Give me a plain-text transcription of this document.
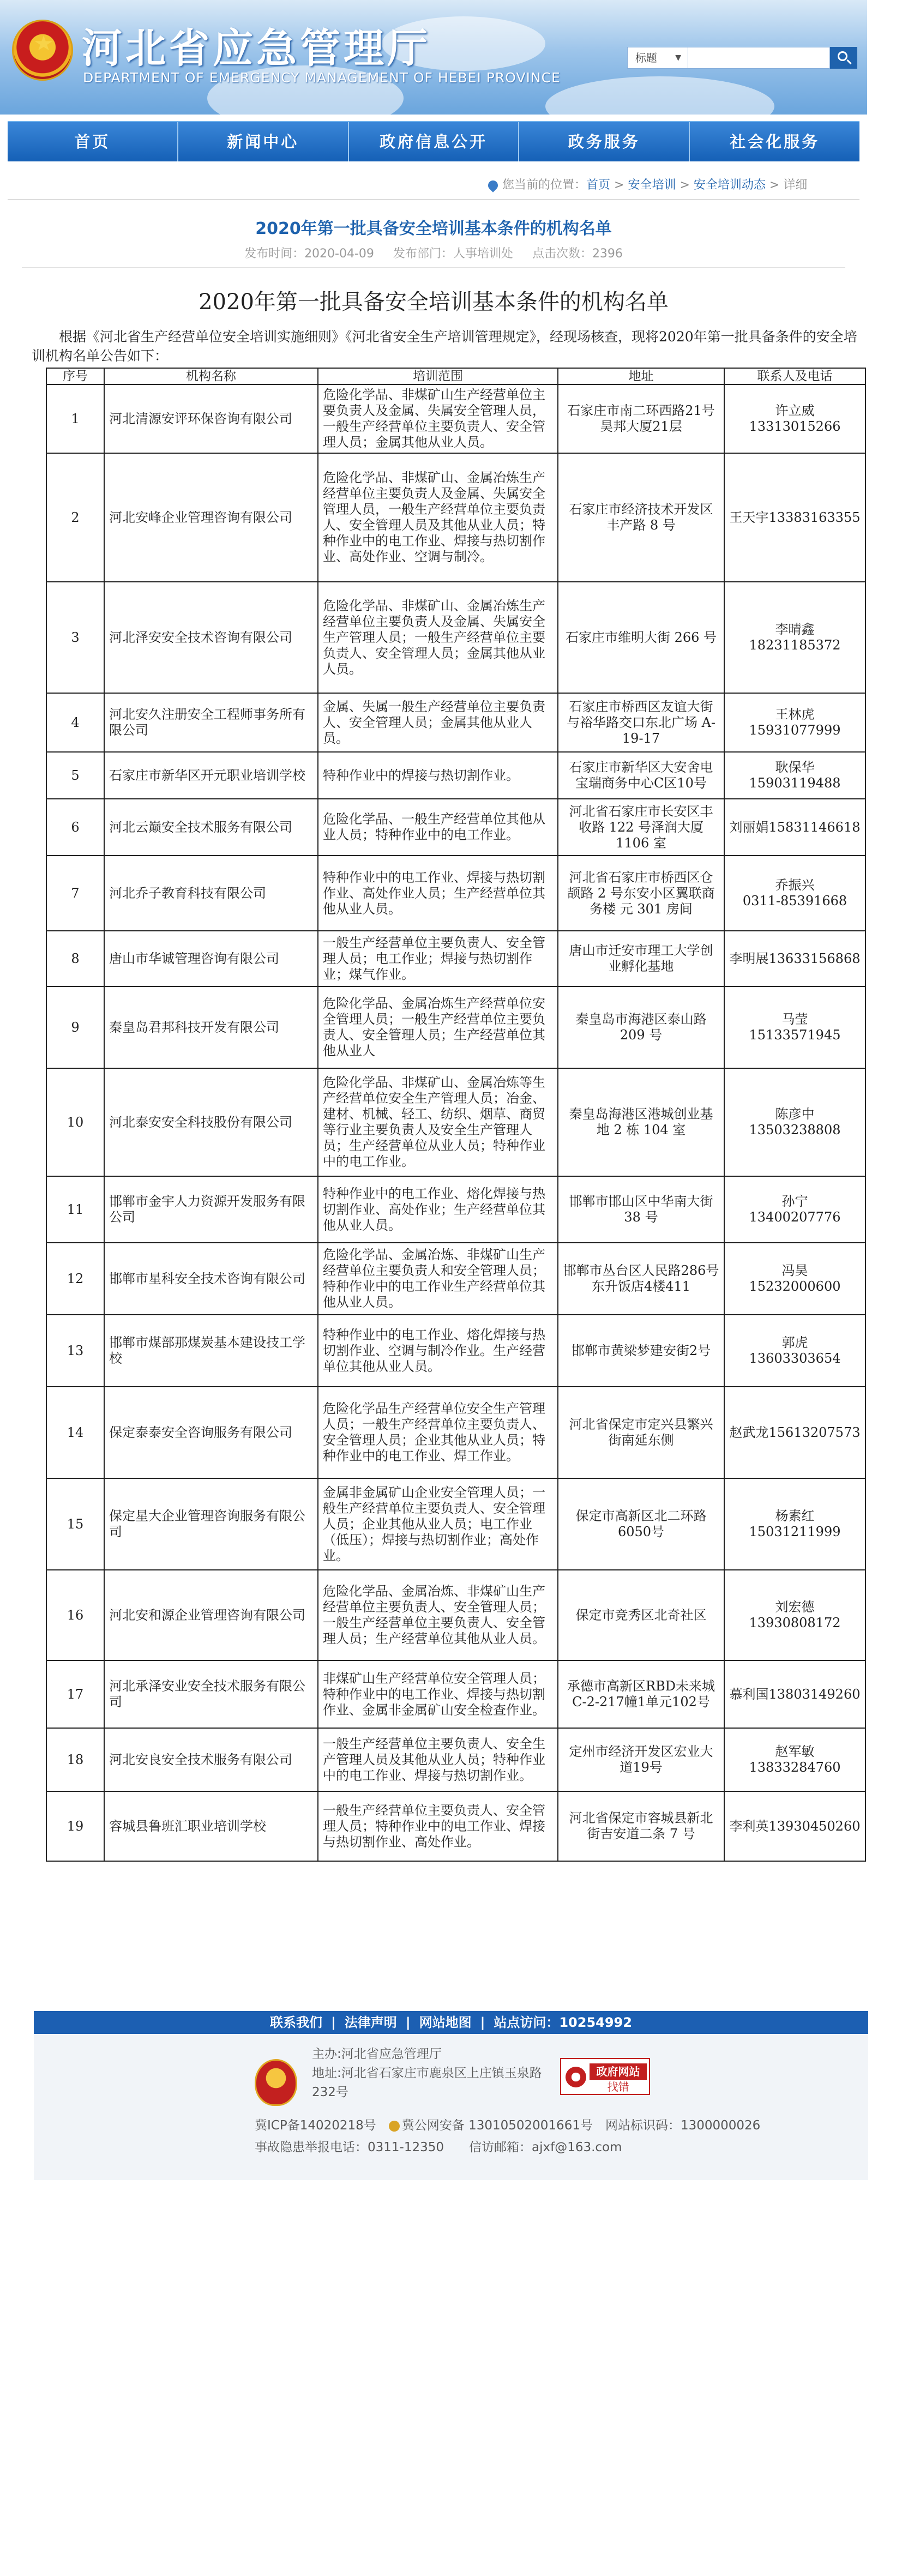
河北省应急管理厅
DEPARTMENT OF EMERGENCY MANAGEMENT OF HEBEI PROVINCE
标题 ▼
首页	新闻中心	政府信息公开	政务服务	社会化服务
您当前的位置：首页 > 安全培训 > 安全培训动态 > 详细
2020年第一批具备安全培训基本条件的机构名单
发布时间：2020-04-09 发布部门：人事培训处 点击次数：2396
2020年第一批具备安全培训基本条件的机构名单
根据《河北省生产经营单位安全培训实施细则》《河北省安全生产培训管理规定》，经现场核查，现将2020年第一批具备条件的安全培训机构名单公告如下：
序号	机构名称	培训范围	地址	联系人及电话
1	河北清源安评环保咨询有限公司	危险化学品、非煤矿山生产经营单位主要负责人及金属、失属安全管理人员，一般生产经营单位主要负责人、安全管理人员；金属其他从业人员。	石家庄市南二环西路21号昊邦大厦21层	许立威 13313015266
2	河北安峰企业管理咨询有限公司	危险化学品、非煤矿山、金属冶炼生产经营单位主要负责人及金属、失属安全管理人员，一般生产经营单位主要负责人、安全管理人员及其他从业人员；特种作业中的电工作业、焊接与热切割作业、高处作业、空调与制冷。	石家庄市经济技术开发区丰产路 8 号	王天宇13383163355
3	河北泽安安全技术咨询有限公司	危险化学品、非煤矿山、金属冶炼生产经营单位主要负责人及金属、失属安全生产管理人员；一般生产经营单位主要负责人、安全管理人员；金属其他从业人员。	石家庄市维明大街 266 号	李晴鑫
18231185372
4	河北安久注册安全工程师事务所有限公司	金属、失属一般生产经营单位主要负责人、安全管理人员；金属其他从业人员。	石家庄市桥西区友谊大街与裕华路交口东北广场 A-19-17	王林虎 15931077999
5	石家庄市新华区开元职业培训学校	特种作业中的焊接与热切割作业。	石家庄市新华区大安舍电宝瑞商务中心C区10号	耿保华 15903119488
6	河北云巅安全技术服务有限公司	危险化学品、一般生产经营单位其他从业人员；特种作业中的电工作业。	河北省石家庄市长安区丰收路 122 号泽润大厦 1106 室	刘丽娟15831146618
7	河北乔子教育科技有限公司	特种作业中的电工作业、焊接与热切割作业、高处作业人员；生产经营单位其他从业人员。	河北省石家庄市桥西区仓颉路 2 号东安小区翼联商务楼 元 301 房间	乔振兴
0311-85391668
8	唐山市华诚管理咨询有限公司	一般生产经营单位主要负责人、安全管理人员；电工作业；焊接与热切割作业；煤气作业。	唐山市迁安市理工大学创业孵化基地	李明展13633156868
9	秦皇岛君邦科技开发有限公司	危险化学品、金属冶炼生产经营单位安全管理人员；一般生产经营单位主要负责人、安全管理人员；生产经营单位其他从业人	秦皇岛市海港区泰山路 209 号	马莹
15133571945
10	河北泰安安全科技股份有限公司	危险化学品、非煤矿山、金属冶炼等生产经营单位安全生产管理人员；冶金、建材、机械、轻工、纺织、烟草、商贸等行业主要负责人及安全生产管理人员；生产经营单位从业人员；特种作业中的电工作业。	秦皇岛海港区港城创业基地 2 栋 104 室	陈彦中
13503238808
11	邯郸市金宇人力资源开发服务有限公司	特种作业中的电工作业、熔化焊接与热切割作业、高处作业；生产经营单位其他从业人员。	邯郸市邯山区中华南大街 38 号	孙宁
13400207776
12	邯郸市星科安全技术咨询有限公司	危险化学品、金属冶炼、非煤矿山生产经营单位主要负责人和安全管理人员；特种作业中的电工作业生产经营单位其他从业人员。	邯郸市丛台区人民路286号东升饭店4楼411	冯昊
15232000600
13	邯郸市煤部那煤炭基本建设技工学校	特种作业中的电工作业、熔化焊接与热切割作业、空调与制冷作业。生产经营单位其他从业人员。	邯郸市黄梁梦建安街2号	郭虎
13603303654
14	保定泰泰安全咨询服务有限公司	危险化学品生产经营单位安全生产管理人员；一般生产经营单位主要负责人、安全管理人员；企业其他从业人员；特种作业中的电工作业、焊工作业。	河北省保定市定兴县繁兴街南延东侧	赵武龙15613207573
15	保定星大企业管理咨询服务有限公司	金属非金属矿山企业安全管理人员；一般生产经营单位主要负责人、安全管理人员；企业其他从业人员；电工作业（低压）；焊接与热切割作业；高处作业。	保定市高新区北二环路6050号	杨素红 15031211999
16	河北安和源企业管理咨询有限公司	危险化学品、金属冶炼、非煤矿山生产经营单位主要负责人、安全管理人员；一般生产经营单位主要负责人、安全管理人员；生产经营单位其他从业人员。	保定市竞秀区北奇社区	刘宏德 13930808172
17	河北承泽安业安全技术服务有限公司	非煤矿山生产经营单位安全管理人员；　特种作业中的电工作业、焊接与热切割作业、金属非金属矿山安全检查作业。	承德市高新区RBD未来城C-2-217幢1单元102号	慕利国13803149260
18	河北安良安全技术服务有限公司	一般生产经营单位主要负责人、安全生产管理人员及其他从业人员；特种作业中的电工作业、焊接与热切割作业。	定州市经济开发区宏业大道19号	赵军敏 13833284760
19	容城县鲁班汇职业培训学校	一般生产经营单位主要负责人、安全管理人员；特种作业中的电工作业、焊接与热切割作业、高处作业。	河北省保定市容城县新北街吉安道二条 7 号	李利英13930450260
联系我们 | 法律声明 | 网站地图 | 站点访问：10254992
主办:河北省应急管理厅
地址:河北省石家庄市鹿泉区上庄镇玉泉路232号
政府网站
找错
冀ICP备14020218号　 冀公网安备 13010502001661号　 网站标识码：1300000026
事故隐患举报电话：0311-12350　　 信访邮箱：ajxf@163.com
